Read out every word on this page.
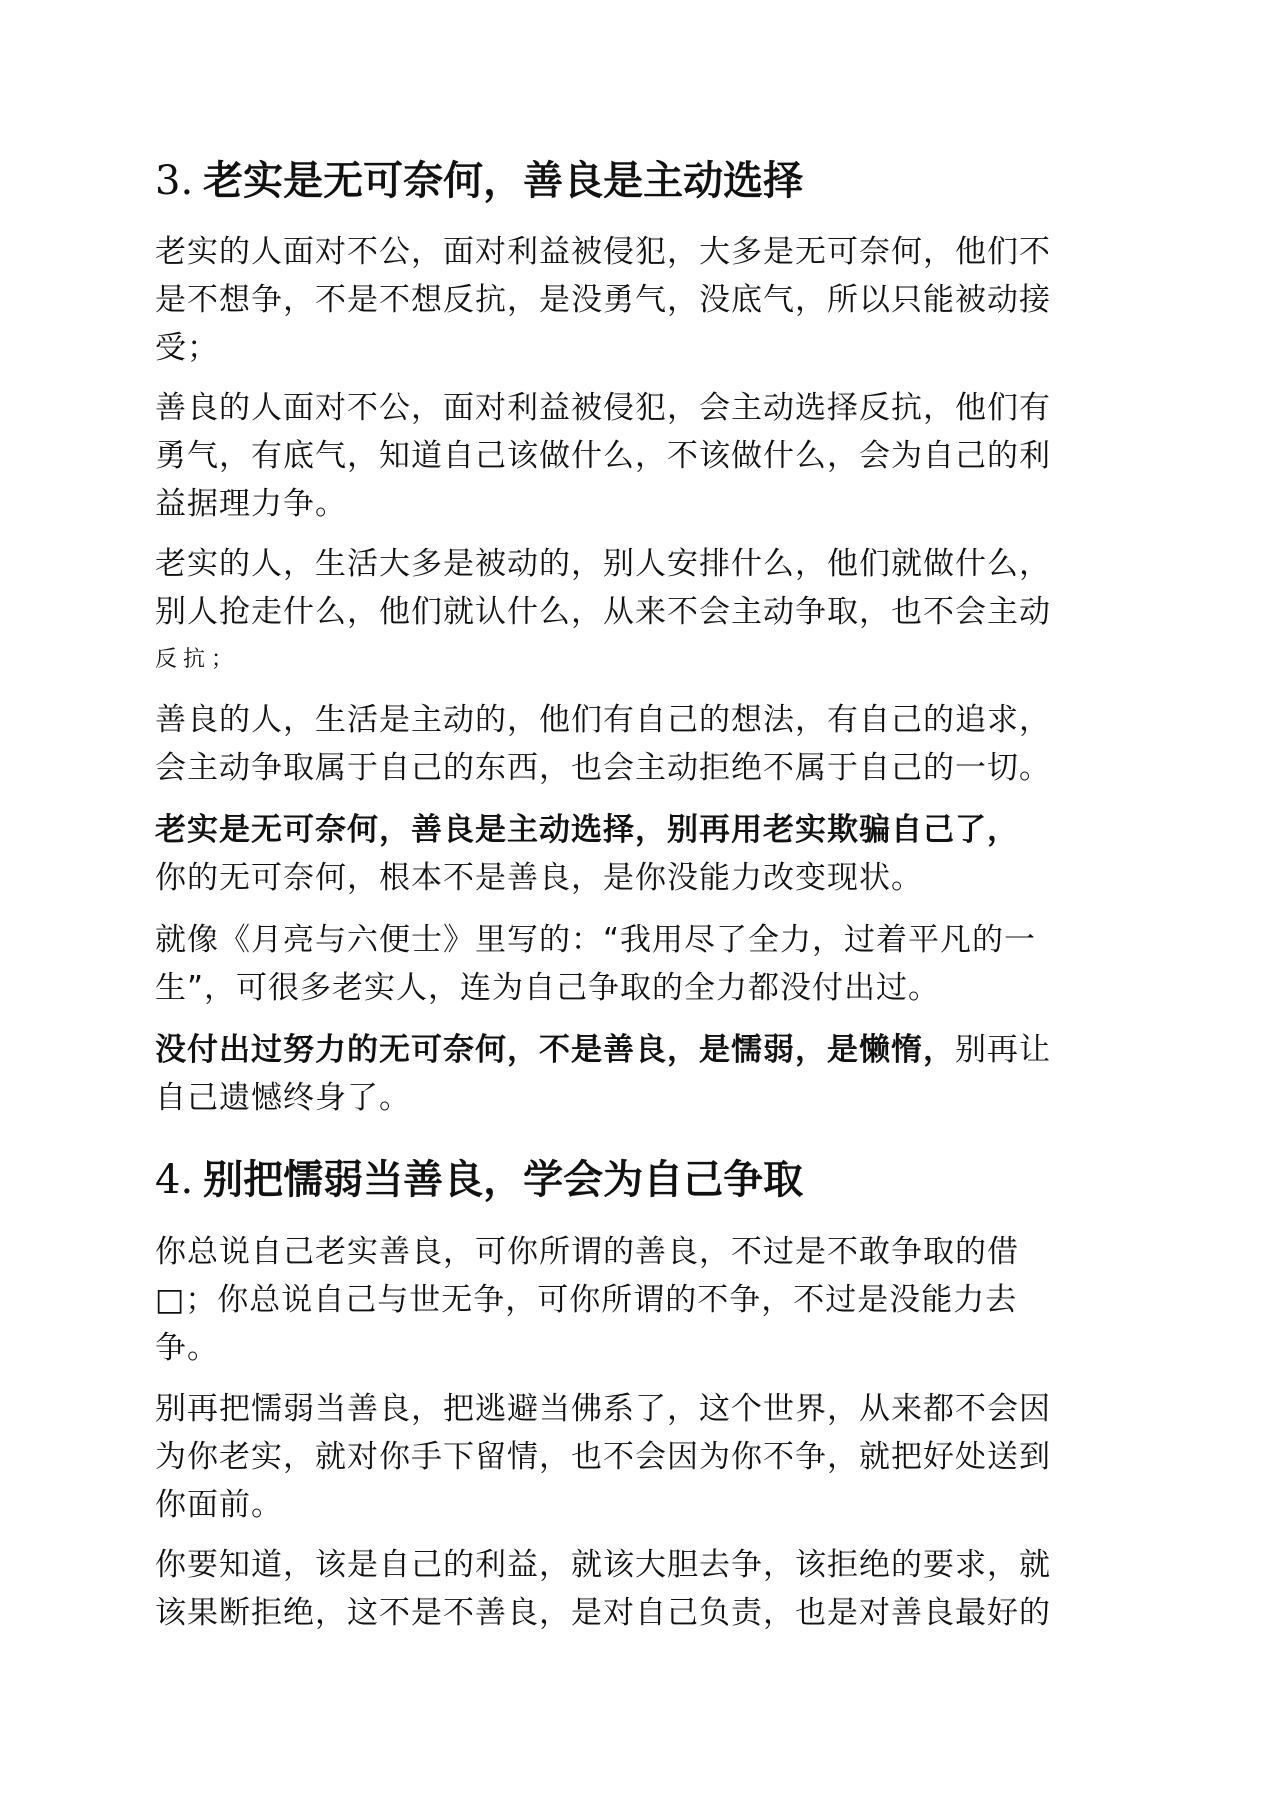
3. 老实是无可奈何，善良是主动选择

老实的人面对不公，面对利益被侵犯，大多是无可奈何，他们不
是不想争，不是不想反抗，是没勇气，没底气，所以只能被动接
受；

善良的人面对不公，面对利益被侵犯，会主动选择反抗，他们有
勇气，有底气，知道自己该做什么，不该做什么，会为自己的利
益据理力争。

老实的人，生活大多是被动的，别人安排什么，他们就做什么，
别人抢走什么，他们就认什么，从来不会主动争取，也不会主动
反抗；

善良的人，生活是主动的，他们有自己的想法，有自己的追求，
会主动争取属于自己的东西，也会主动拒绝不属于自己的一切。

老实是无可奈何，善良是主动选择，别再用老实欺骗自己了，
你的无可奈何，根本不是善良，是你没能力改变现状。

就像《月亮与六便士》里写的：“我用尽了全力，过着平凡的一
生”，可很多老实人，连为自己争取的全力都没付出过。

没付出过努力的无可奈何，不是善良，是懦弱，是懒惰，别再让
自己遗憾终身了。

4. 别把懦弱当善良，学会为自己争取

你总说自己老实善良，可你所谓的善良，不过是不敢争取的借
□；你总说自己与世无争，可你所谓的不争，不过是没能力去
争。

别再把懦弱当善良，把逃避当佛系了，这个世界，从来都不会因
为你老实，就对你手下留情，也不会因为你不争，就把好处送到
你面前。

你要知道，该是自己的利益，就该大胆去争，该拒绝的要求，就
该果断拒绝，这不是不善良，是对自己负责，也是对善良最好的
